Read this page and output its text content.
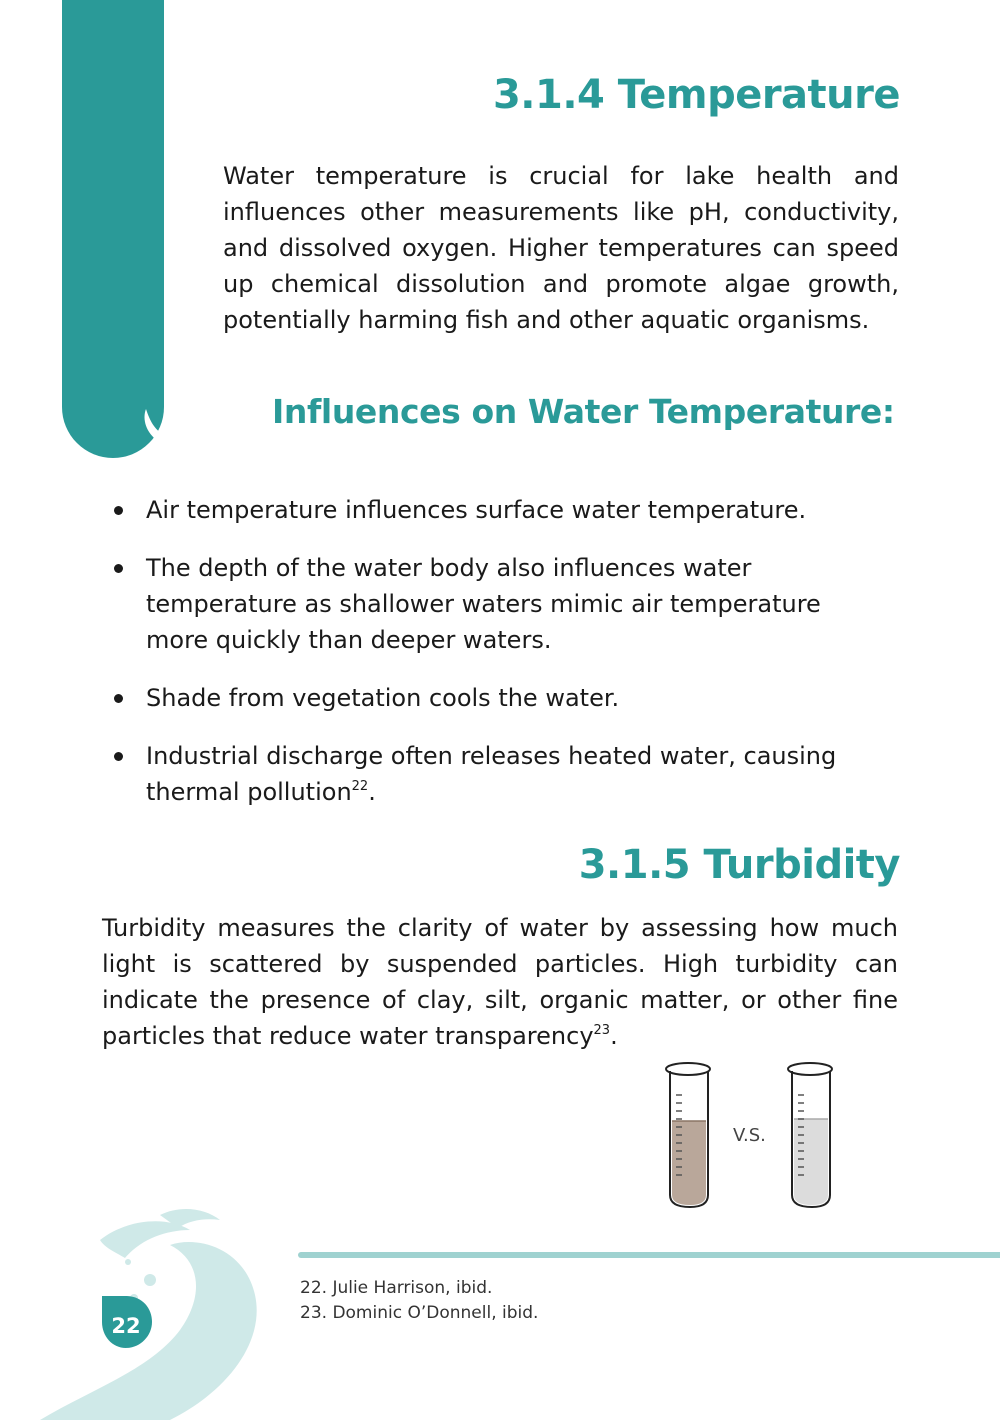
Measuring Water Quality	3.1.4 Temperature

Water temperature is crucial for lake health and influences other measurements like pH, conductivity, and dissolved oxygen. Higher temperatures can speed up chemical dissolution and promote algae growth, potentially harming fish and other aquatic organisms.

Influences on Water Temperature:
Air temperature influences surface water temperature.
The depth of the water body also influences water temperature as shallower waters mimic air temperature more quickly than deeper waters.
Shade from vegetation cools the water.
Industrial discharge often releases heated water, causing thermal pollution$^{22}$.
3.1.5 Turbidity

Turbidity measures the clarity of water by assessing how much light is scattered by suspended particles. High turbidity can indicate the presence of clay, silt, organic matter, or other fine particles that reduce water transparency$^{23}$.

V.S.
22
22. Julie Harrison, ibid.
23. Dominic O’Donnell, ibid.
